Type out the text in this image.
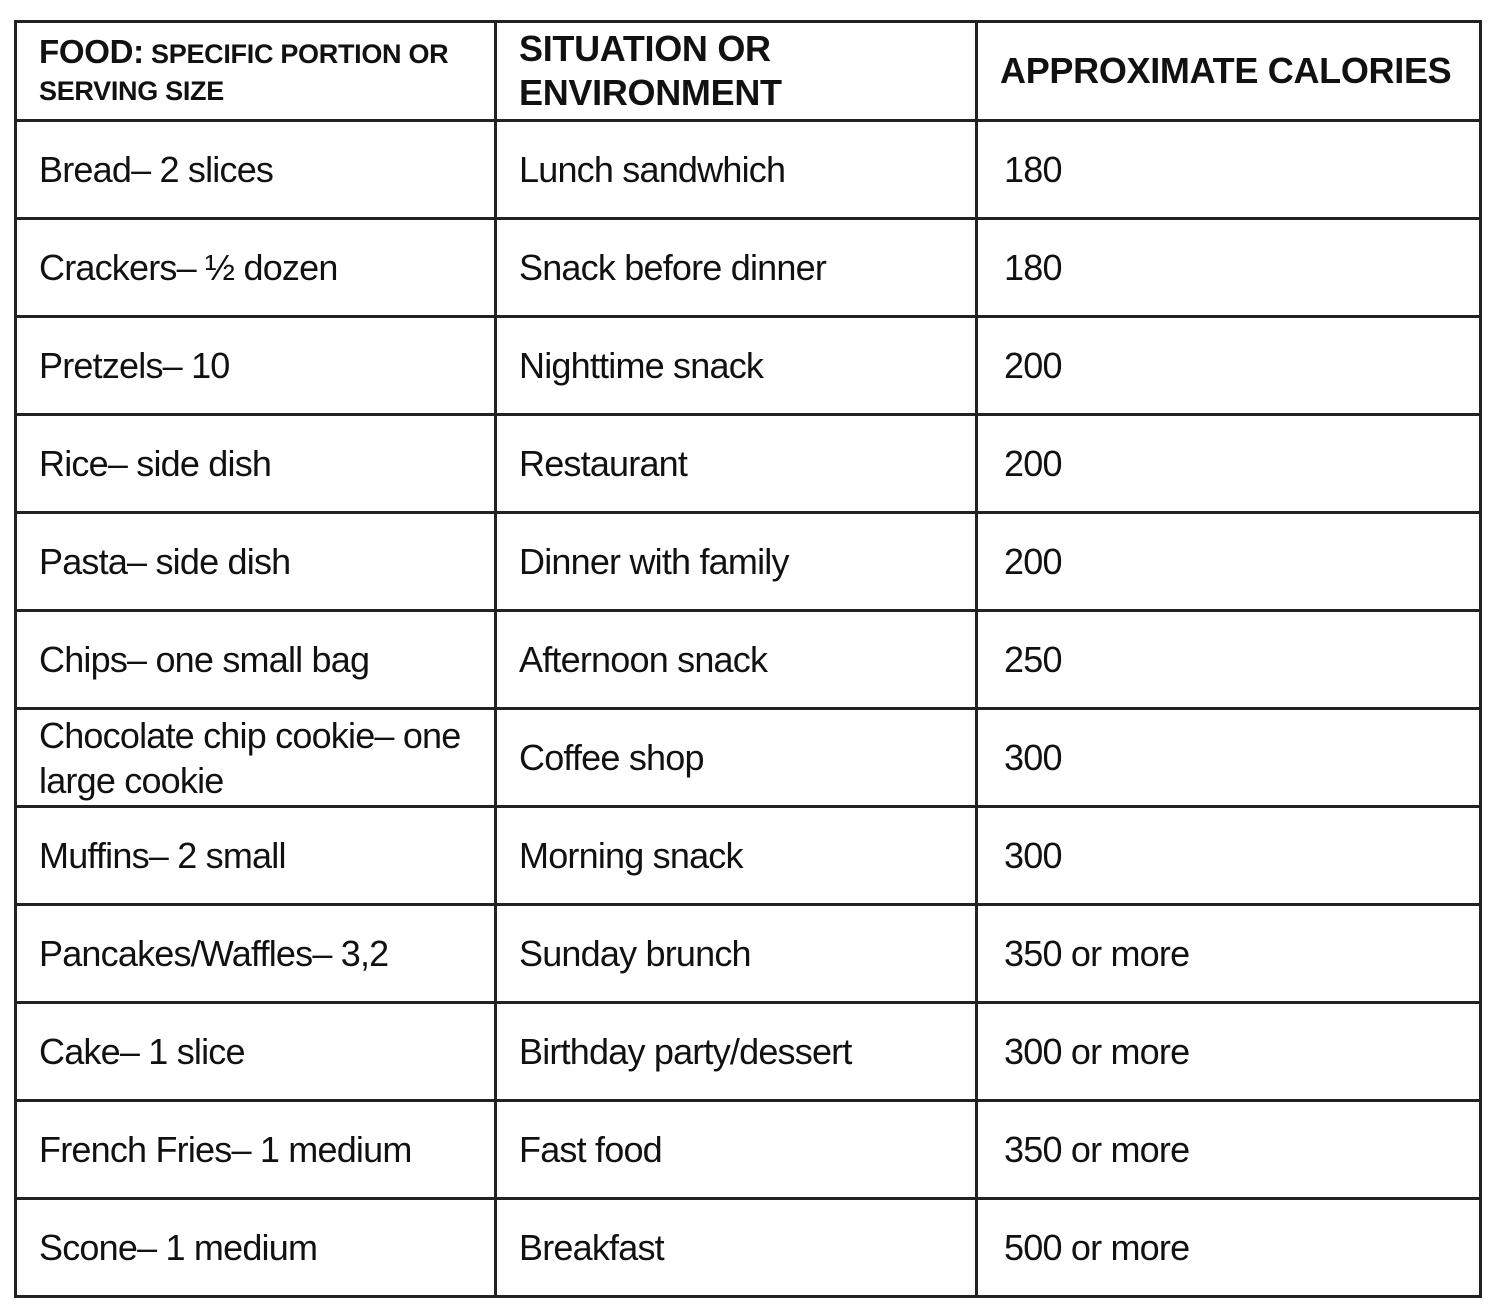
FOOD: SPECIFIC PORTION OR SERVING SIZE	SITUATION OR ENVIRONMENT	APPROXIMATE CALORIES
Bread– 2 slices	Lunch sandwhich	180
Crackers– ½ dozen	Snack before dinner	180
Pretzels– 10	Nighttime snack	200
Rice– side dish	Restaurant	200
Pasta– side dish	Dinner with family	200
Chips– one small bag	Afternoon snack	250
Chocolate chip cookie– one large cookie	Coffee shop	300
Muffins– 2 small	Morning snack	300
Pancakes/Waffles– 3,2	Sunday brunch	350 or more
Cake– 1 slice	Birthday party/dessert	300 or more
French Fries– 1 medium	Fast food	350 or more
Scone– 1 medium	Breakfast	500 or more
